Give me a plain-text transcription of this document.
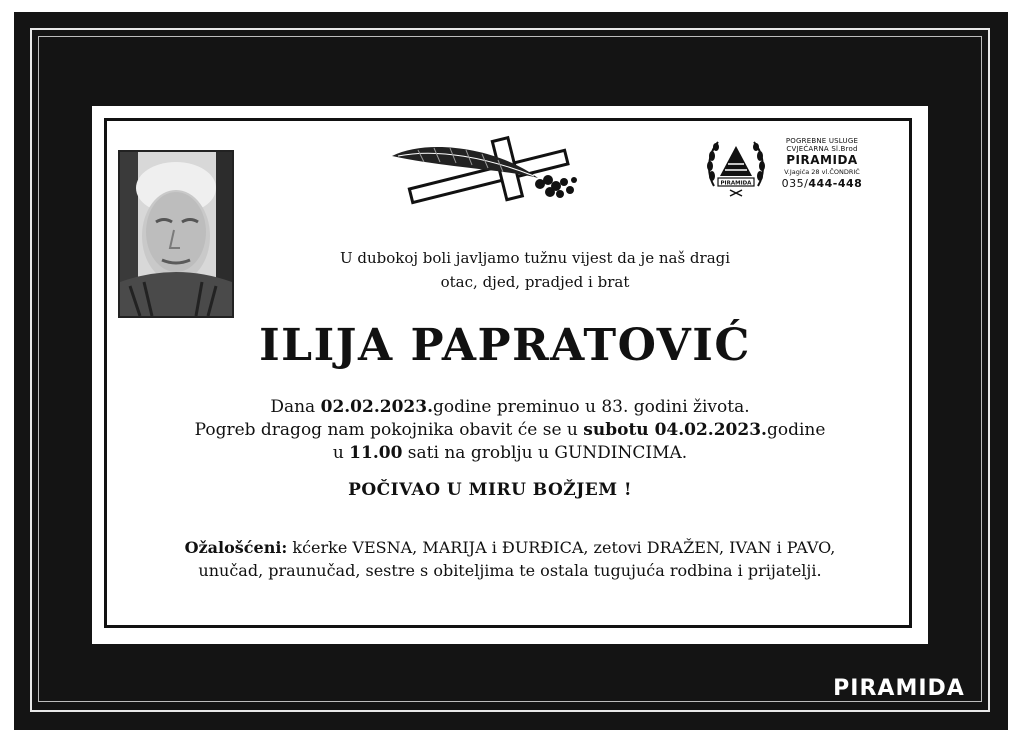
PIRAMIDA
POGREBNE USLUGE
CVJEĆARNA Sl.Brod
PIRAMIDA
V.Jagića 28 vl.ČONDRIĆ
035/444-448
U dubokoj boli javljamo tužnu vijest da je naš dragi
otac, djed, pradjed i brat
ILIJA PAPRATOVIĆ
Dana 02.02.2023.godine preminuo u 83. godini života.
Pogreb dragog nam pokojnika obavit će se u subotu 04.02.2023.godine
u 11.00 sati na groblju u GUNDINCIMA.
POČIVAO U MIRU BOŽJEM !
Ožalošćeni: kćerke VESNA, MARIJA i ĐURĐICA, zetovi DRAŽEN, IVAN i PAVO,
unučad, praunučad, sestre s obiteljima te ostala tugujuća rodbina i prijatelji.
PIRAMIDA
